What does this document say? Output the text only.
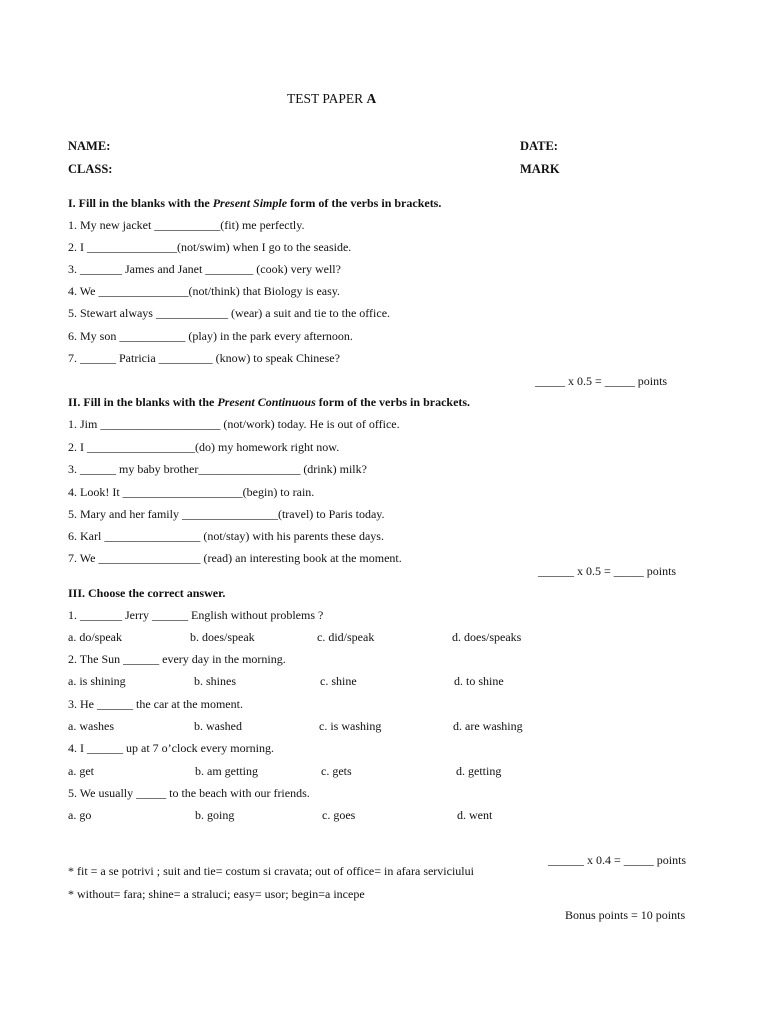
TEST PAPER A
NAME:
CLASS:
DATE:
MARK
I. Fill in the blanks with the Present Simple form of the verbs in brackets.
1. My new jacket ___________(fit) me perfectly.
2. I _______________(not/swim) when I go to the seaside.
3. _______ James and Janet ________ (cook) very well?
4. We _______________(not/think) that Biology is easy.
5. Stewart always ____________ (wear) a suit and tie to the office.
6. My son ___________ (play) in the park every afternoon.
7. ______ Patricia _________ (know) to speak Chinese?
_____ x 0.5 = _____ points
II. Fill in the blanks with the Present Continuous form of the verbs in brackets.
1. Jim ____________________ (not/work) today. He is out of office.
2. I __________________(do) my homework right now.
3. ______ my baby brother_________________ (drink) milk?
4. Look! It ____________________(begin) to rain.
5. Mary and her family ________________(travel) to Paris today.
6. Karl ________________ (not/stay) with his parents these days.
7. We _________________ (read) an interesting book at the moment.
______ x 0.5 = _____ points
III. Choose the correct answer.
1. _______ Jerry ______ English without problems ?
a. do/speak	b. does/speak	c. did/speak	d. does/speaks
2. The Sun ______ every day in the morning.
a. is shining	b. shines	c. shine	d. to shine
3. He ______ the car at the moment.
a. washes	b. washed	c. is washing	d. are washing
4. I ______ up at 7 o’clock every morning.
a. get	b. am getting	c. gets	d. getting
5. We usually _____ to the beach with our friends.
a. go	b. going	c. goes	d. went
______ x 0.4 = _____ points
* fit = a se potrivi ; suit and tie= costum si cravata; out of office= in afara serviciului
* without= fara; shine= a straluci; easy= usor; begin=a incepe
Bonus points = 10 points
